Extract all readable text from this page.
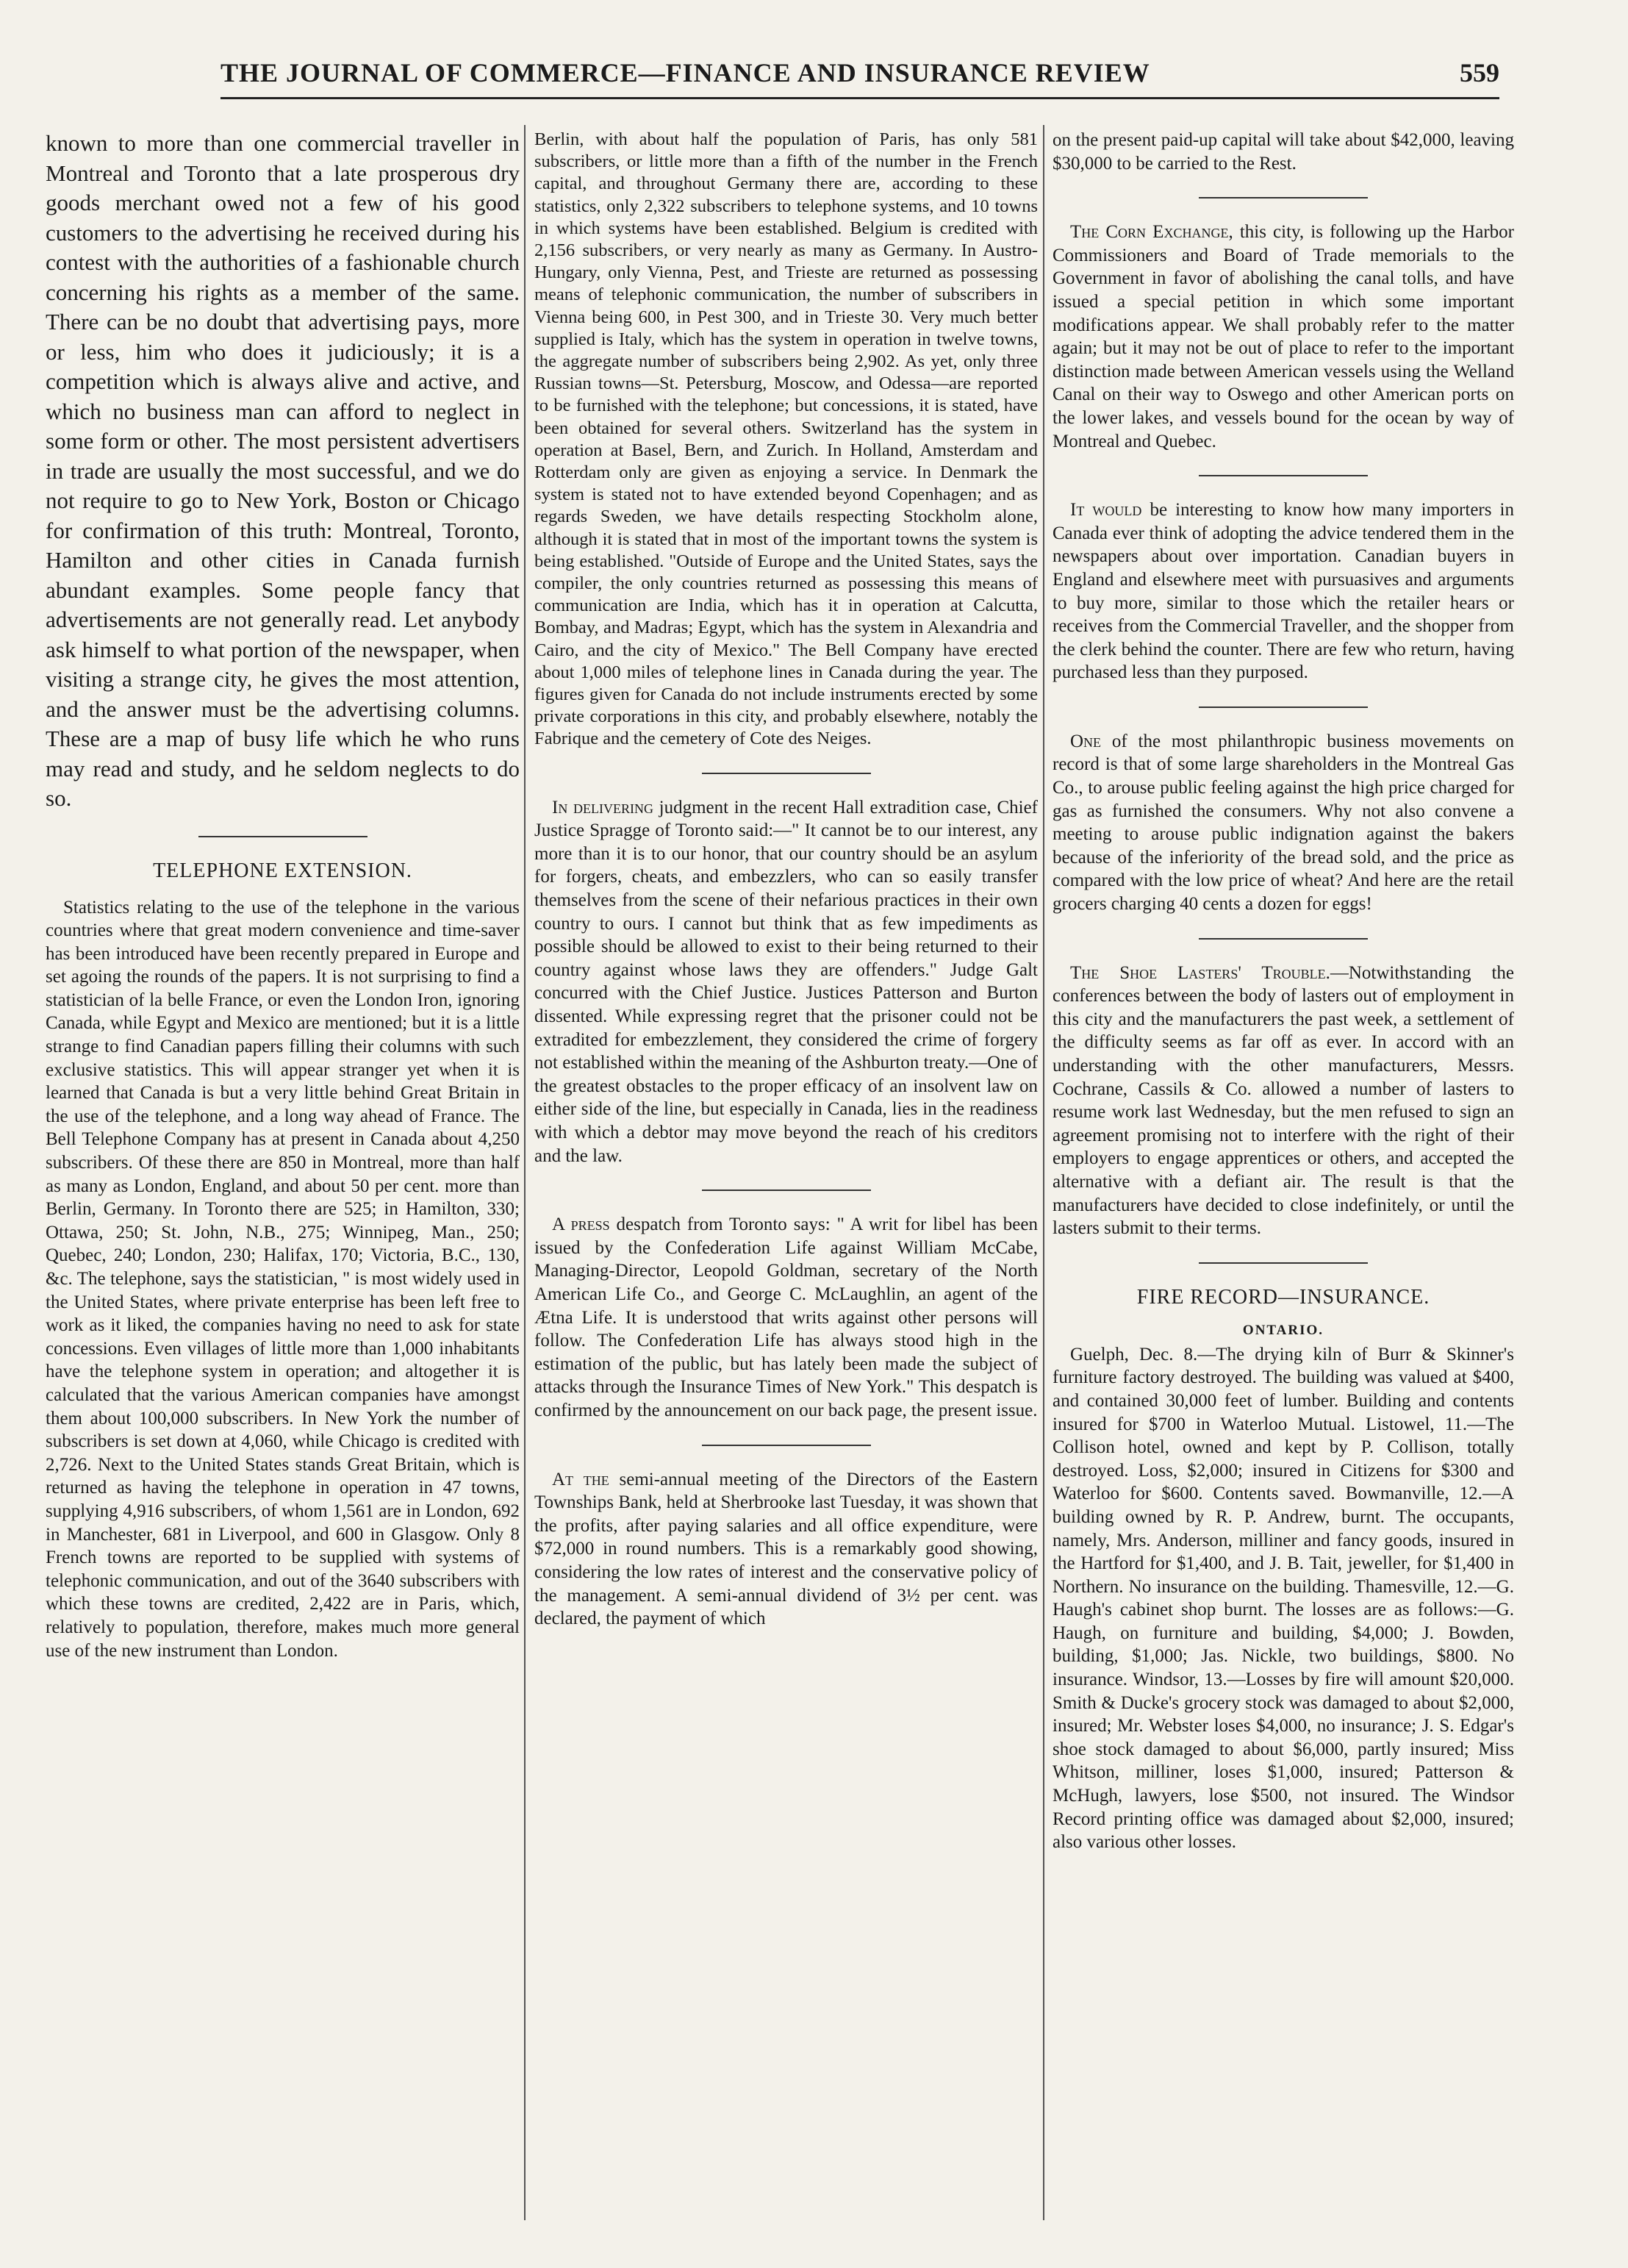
THE JOURNAL OF COMMERCE—FINANCE AND INSURANCE REVIEW	559

known to more than one commercial traveller in Montreal and Toronto that a late prosperous dry goods merchant owed not a few of his good customers to the advertising he received during his contest with the authorities of a fashionable church concerning his rights as a member of the same. There can be no doubt that advertising pays, more or less, him who does it judiciously; it is a competition which is always alive and active, and which no business man can afford to neglect in some form or other. The most persistent advertisers in trade are usually the most successful, and we do not require to go to New York, Boston or Chicago for confirmation of this truth: Montreal, Toronto, Hamilton and other cities in Canada furnish abundant examples. Some people fancy that advertisements are not generally read. Let anybody ask himself to what portion of the newspaper, when visiting a strange city, he gives the most attention, and the answer must be the advertising columns. These are a map of busy life which he who runs may read and study, and he seldom neglects to do so.

TELEPHONE EXTENSION.

Statistics relating to the use of the telephone in the various countries where that great modern convenience and time-saver has been introduced have been recently prepared in Europe and set agoing the rounds of the papers. It is not surprising to find a statistician of la belle France, or even the London Iron, ignoring Canada, while Egypt and Mexico are mentioned; but it is a little strange to find Canadian papers filling their columns with such exclusive statistics. This will appear stranger yet when it is learned that Canada is but a very little behind Great Britain in the use of the telephone, and a long way ahead of France. The Bell Telephone Company has at present in Canada about 4,250 subscribers. Of these there are 850 in Montreal, more than half as many as London, England, and about 50 per cent. more than Berlin, Germany. In Toronto there are 525; in Hamilton, 330; Ottawa, 250; St. John, N.B., 275; Winnipeg, Man., 250; Quebec, 240; London, 230; Halifax, 170; Victoria, B.C., 130, &c. The telephone, says the statistician, " is most widely used in the United States, where private enterprise has been left free to work as it liked, the companies having no need to ask for state concessions. Even villages of little more than 1,000 inhabitants have the telephone system in operation; and altogether it is calculated that the various American companies have amongst them about 100,000 subscribers. In New York the number of subscribers is set down at 4,060, while Chicago is credited with 2,726. Next to the United States stands Great Britain, which is returned as having the telephone in operation in 47 towns, supplying 4,916 subscribers, of whom 1,561 are in London, 692 in Manchester, 681 in Liverpool, and 600 in Glasgow. Only 8 French towns are reported to be supplied with systems of telephonic communication, and out of the 3640 subscribers with which these towns are credited, 2,422 are in Paris, which, relatively to population, therefore, makes much more general use of the new instrument than London.

Berlin, with about half the population of Paris, has only 581 subscribers, or little more than a fifth of the number in the French capital, and throughout Germany there are, according to these statistics, only 2,322 subscribers to telephone systems, and 10 towns in which systems have been established. Belgium is credited with 2,156 subscribers, or very nearly as many as Germany. In Austro-Hungary, only Vienna, Pest, and Trieste are returned as possessing means of telephonic communication, the number of subscribers in Vienna being 600, in Pest 300, and in Trieste 30. Very much better supplied is Italy, which has the system in operation in twelve towns, the aggregate number of subscribers being 2,902. As yet, only three Russian towns—St. Petersburg, Moscow, and Odessa—are reported to be furnished with the telephone; but concessions, it is stated, have been obtained for several others. Switzerland has the system in operation at Basel, Bern, and Zurich. In Holland, Amsterdam and Rotterdam only are given as enjoying a service. In Denmark the system is stated not to have extended beyond Copenhagen; and as regards Sweden, we have details respecting Stockholm alone, although it is stated that in most of the important towns the system is being established. "Outside of Europe and the United States, says the compiler, the only countries returned as possessing this means of communication are India, which has it in operation at Calcutta, Bombay, and Madras; Egypt, which has the system in Alexandria and Cairo, and the city of Mexico." The Bell Company have erected about 1,000 miles of telephone lines in Canada during the year. The figures given for Canada do not include instruments erected by some private corporations in this city, and probably elsewhere, notably the Fabrique and the cemetery of Cote des Neiges.

In delivering judgment in the recent Hall extradition case, Chief Justice Spragge of Toronto said:—" It cannot be to our interest, any more than it is to our honor, that our country should be an asylum for forgers, cheats, and embezzlers, who can so easily transfer themselves from the scene of their nefarious practices in their own country to ours. I cannot but think that as few impediments as possible should be allowed to exist to their being returned to their country against whose laws they are offenders." Judge Galt concurred with the Chief Justice. Justices Patterson and Burton dissented. While expressing regret that the prisoner could not be extradited for embezzlement, they considered the crime of forgery not established within the meaning of the Ashburton treaty.—One of the greatest obstacles to the proper efficacy of an insolvent law on either side of the line, but especially in Canada, lies in the readiness with which a debtor may move beyond the reach of his creditors and the law.

A press despatch from Toronto says: " A writ for libel has been issued by the Confederation Life against William McCabe, Managing-Director, Leopold Goldman, secretary of the North American Life Co., and George C. McLaughlin, an agent of the Ætna Life. It is understood that writs against other persons will follow. The Confederation Life has always stood high in the estimation of the public, but has lately been made the subject of attacks through the Insurance Times of New York." This despatch is confirmed by the announcement on our back page, the present issue.

At the semi-annual meeting of the Directors of the Eastern Townships Bank, held at Sherbrooke last Tuesday, it was shown that the profits, after paying salaries and all office expenditure, were $72,000 in round numbers. This is a remarkably good showing, considering the low rates of interest and the conservative policy of the management. A semi-annual dividend of 3½ per cent. was declared, the payment of which

on the present paid-up capital will take about $42,000, leaving $30,000 to be carried to the Rest.

The Corn Exchange, this city, is following up the Harbor Commissioners and Board of Trade memorials to the Government in favor of abolishing the canal tolls, and have issued a special petition in which some important modifications appear. We shall probably refer to the matter again; but it may not be out of place to refer to the important distinction made between American vessels using the Welland Canal on their way to Oswego and other American ports on the lower lakes, and vessels bound for the ocean by way of Montreal and Quebec.

It would be interesting to know how many importers in Canada ever think of adopting the advice tendered them in the newspapers about over importation. Canadian buyers in England and elsewhere meet with pursuasives and arguments to buy more, similar to those which the retailer hears or receives from the Commercial Traveller, and the shopper from the clerk behind the counter. There are few who return, having purchased less than they purposed.

One of the most philanthropic business movements on record is that of some large shareholders in the Montreal Gas Co., to arouse public feeling against the high price charged for gas as furnished the consumers. Why not also convene a meeting to arouse public indignation against the bakers because of the inferiority of the bread sold, and the price as compared with the low price of wheat? And here are the retail grocers charging 40 cents a dozen for eggs!

The Shoe Lasters' Trouble.—Notwithstanding the conferences between the body of lasters out of employment in this city and the manufacturers the past week, a settlement of the difficulty seems as far off as ever. In accord with an understanding with the other manufacturers, Messrs. Cochrane, Cassils & Co. allowed a number of lasters to resume work last Wednesday, but the men refused to sign an agreement promising not to interfere with the right of their employers to engage apprentices or others, and accepted the alternative with a defiant air. The result is that the manufacturers have decided to close indefinitely, or until the lasters submit to their terms.

FIRE RECORD—INSURANCE.
ONTARIO.

Guelph, Dec. 8.—The drying kiln of Burr & Skinner's furniture factory destroyed. The building was valued at $400, and contained 30,000 feet of lumber. Building and contents insured for $700 in Waterloo Mutual. Listowel, 11.—The Collison hotel, owned and kept by P. Collison, totally destroyed. Loss, $2,000; insured in Citizens for $300 and Waterloo for $600. Contents saved. Bowmanville, 12.—A building owned by R. P. Andrew, burnt. The occupants, namely, Mrs. Anderson, milliner and fancy goods, insured in the Hartford for $1,400, and J. B. Tait, jeweller, for $1,400 in Northern. No insurance on the building. Thamesville, 12.—G. Haugh's cabinet shop burnt. The losses are as follows:—G. Haugh, on furniture and building, $4,000; J. Bowden, building, $1,000; Jas. Nickle, two buildings, $800. No insurance. Windsor, 13.—Losses by fire will amount $20,000. Smith & Ducke's grocery stock was damaged to about $2,000, insured; Mr. Webster loses $4,000, no insurance; J. S. Edgar's shoe stock damaged to about $6,000, partly insured; Miss Whitson, milliner, loses $1,000, insured; Patterson & McHugh, lawyers, lose $500, not insured. The Windsor Record printing office was damaged about $2,000, insured; also various other losses.
